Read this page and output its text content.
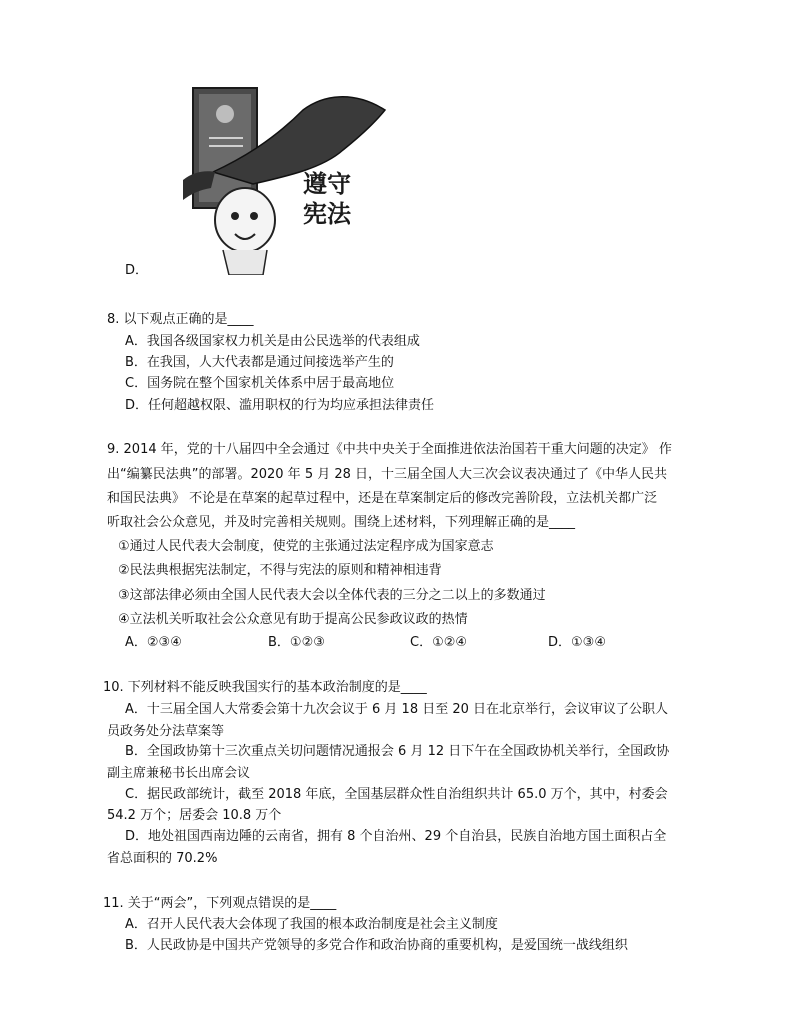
遵守
宪法
D．
8. 以下观点正确的是____
A．我国各级国家权力机关是由公民选举的代表组成
B．在我国，人大代表都是通过间接选举产生的
C．国务院在整个国家机关体系中居于最高地位
D．任何超越权限、滥用职权的行为均应承担法律责任
9. 2014 年，党的十八届四中全会通过《中共中央关于全面推进依法治国若干重大问题的决定》 作
出“编纂民法典”的部署。2020 年 5 月 28 日，十三届全国人大三次会议表决通过了《中华人民共
和国民法典》 不论是在草案的起草过程中，还是在草案制定后的修改完善阶段，立法机关都广泛
听取社会公众意见，并及时完善相关规则。围绕上述材料，下列理解正确的是____
①通过人民代表大会制度，使党的主张通过法定程序成为国家意志
②民法典根据宪法制定，不得与宪法的原则和精神相违背
③这部法律必须由全国人民代表大会以全体代表的三分之二以上的多数通过
④立法机关听取社会公众意见有助于提高公民参政议政的热情
A．②③④	B．①②③	C．①②④	D．①③④
10. 下列材料不能反映我国实行的基本政治制度的是____
A．十三届全国人大常委会第十九次会议于 6 月 18 日至 20 日在北京举行，会议审议了公职人
员政务处分法草案等
B．全国政协第十三次重点关切问题情况通报会 6 月 12 日下午在全国政协机关举行，全国政协
副主席兼秘书长出席会议
C．据民政部统计，截至 2018 年底，全国基层群众性自治组织共计 65.0 万个，其中，村委会
54.2 万个；居委会 10.8 万个
D．地处祖国西南边陲的云南省，拥有 8 个自治州、29 个自治县，民族自治地方国土面积占全
省总面积的 70.2%
11. 关于“两会”，下列观点错误的是____
A．召开人民代表大会体现了我国的根本政治制度是社会主义制度
B．人民政协是中国共产党领导的多党合作和政治协商的重要机构，是爱国统一战线组织
